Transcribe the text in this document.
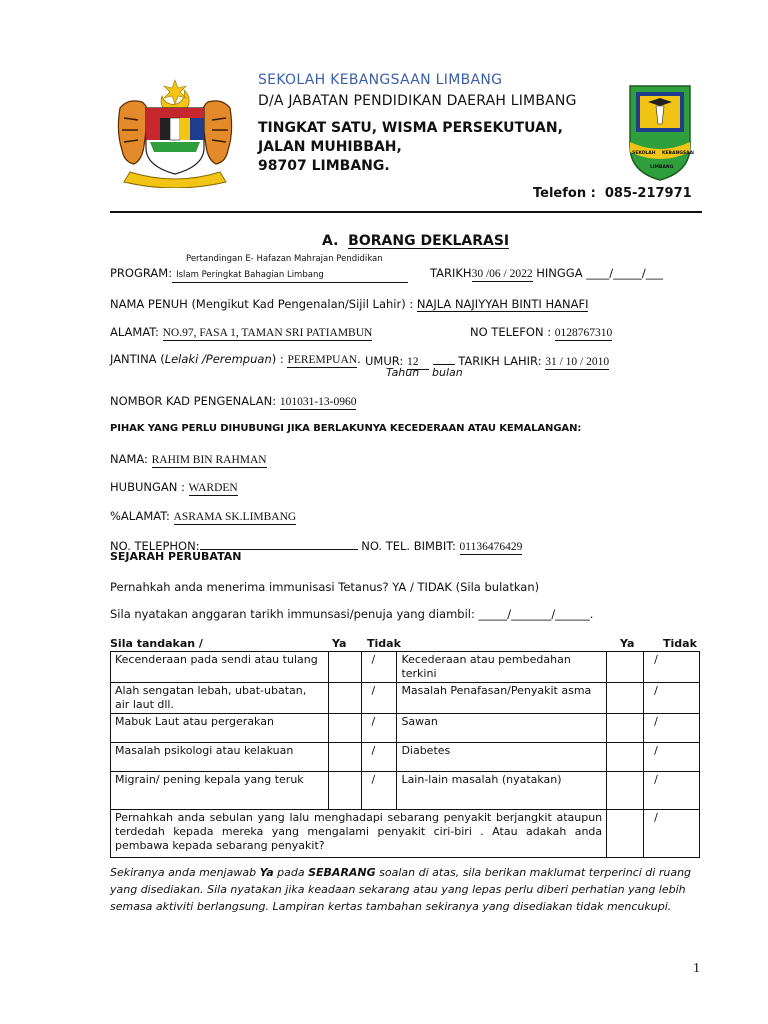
SEKOLAH KEBANGSAAN LIMBANG
D/A JABATAN PENDIDIKAN DAERAH LIMBANG
TINGKAT SATU, WISMA PERSEKUTUAN,
JALAN MUHIBBAH,
98707 LIMBANG.
SEKOLAH KEBANGSAAN
LIMBANG
Telefon : 085-217971
A. BORANG DEKLARASI
Pertandingan E- Hafazan Mahrajan Pendidikan
PROGRAM: Islam Peringkat Bahagian Limbang	TARIKH30 /06 / 2022 HINGGA ____/_____/___
NAMA PENUH (Mengikut Kad Pengenalan/Sijil Lahir) : NAJLA NAJIYYAH BINTI HANAFI
ALAMAT: NO.97, FASA 1, TAMAN SRI PATIAMBUN	NO TELEFON : 0128767310
JANTINA (Lelaki /Perempuan) : PEREMPUAN. UMUR: 12	TARIKH LAHIR: 31 / 10 / 2010
Tahun bulan
NOMBOR KAD PENGENALAN: 101031-13-0960
PIHAK YANG PERLU DIHUBUNGI JIKA BERLAKUNYA KECEDERAAN ATAU KEMALANGAN:
NAMA: RAHIM BIN RAHMAN
HUBUNGAN : WARDEN
%ALAMAT: ASRAMA SK.LIMBANG
NO. TELEPHON:	NO. TEL. BIMBIT: 01136476429
SEJARAH PERUBATAN
Pernahkah anda menerima immunisasi Tetanus? YA / TIDAK (Sila bulatkan)
Sila nyatakan anggaran tarikh immunsasi/penuja yang diambil: _____/_______/______.
Sila tandakan /	Ya Tidak	Ya	Tidak
Kecenderaan pada sendi atau tulang		/	Kecederaan atau pembedahan terkini		/
Alah sengatan lebah, ubat-ubatan, air laut dll.		/	Masalah Penafasan/Penyakit asma		/
Mabuk Laut atau pergerakan		/	Sawan		/
Masalah psikologi atau kelakuan		/	Diabetes		/
Migrain/ pening kepala yang teruk		/	Lain-lain masalah (nyatakan)		/
Pernahkah anda sebulan yang lalu menghadapi sebarang penyakit berjangkit ataupun terdedah kepada mereka yang mengalami penyakit ciri-biri . Atau adakah anda pembawa kepada sebarang penyakit?					/
Sekiranya anda menjawab Ya pada SEBARANG soalan di atas, sila berikan maklumat terperinci di ruang
yang disediakan. Sila nyatakan jika keadaan sekarang atau yang lepas perlu diberi perhatian yang lebih
semasa aktiviti berlangsung. Lampiran kertas tambahan sekiranya yang disediakan tidak mencukupi.
1
